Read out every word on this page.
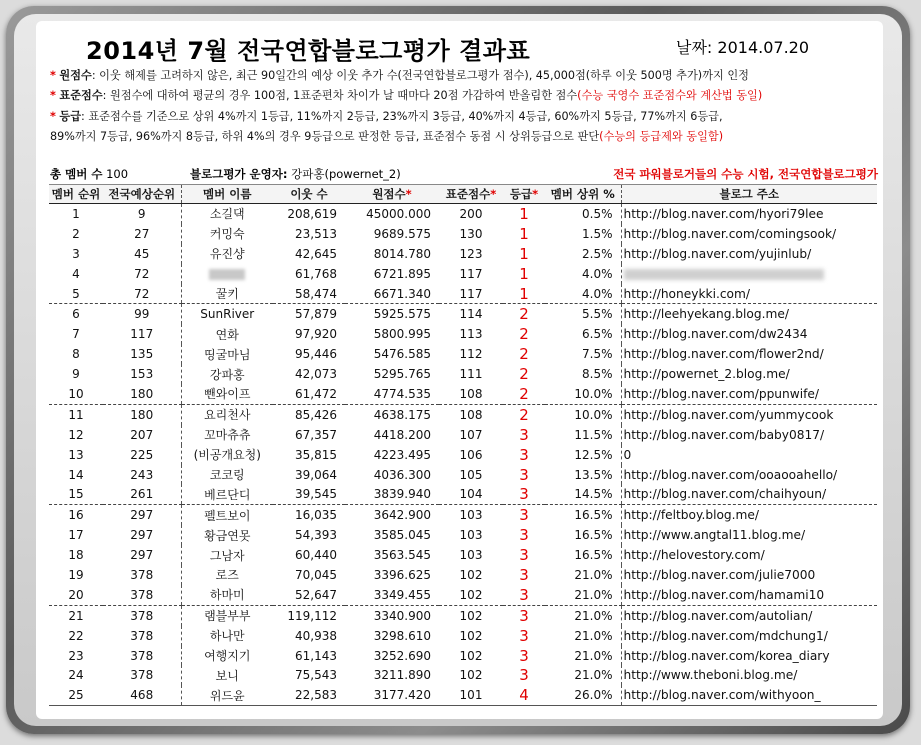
2014년 7월 전국연합블로그평가 결과표	날짜: 2014.07.20
* 원점수: 이웃 해제를 고려하지 않은, 최근 90일간의 예상 이웃 추가 수(전국연합블로그평가 점수), 45,000점(하루 이웃 500명 추가)까지 인정
* 표준점수: 원점수에 대하여 평균의 경우 100점, 1표준편차 차이가 날 때마다 20점 가감하여 반올림한 점수(수능 국영수 표준점수와 계산법 동일)
* 등급: 표준점수를 기준으로 상위 4%까지 1등급, 11%까지 2등급, 23%까지 3등급, 40%까지 4등급, 60%까지 5등급, 77%까지 6등급,
89%까지 7등급, 96%까지 8등급, 하위 4%의 경우 9등급으로 판정한 등급, 표준점수 동점 시 상위등급으로 판단(수능의 등급제와 동일함)
총 멤버 수 100	블로그평가 운영자: 강파홍(powernet_2)	전국 파워블로거들의 수능 시험, 전국연합블로그평가
멤버 순위	전국예상순위	멤버 이름	이웃 수	원점수*	표준점수*	등급*	멤버 상위 %	블로그 주소
1	9	소길댁	208,619	45000.000	200	1	0.5%	http://blog.naver.com/hyori79lee
2	27	커밍숙	23,513	9689.575	130	1	1.5%	http://blog.naver.com/comingsook/
3	45	유진샹	42,645	8014.780	123	1	2.5%	http://blog.naver.com/yujinlub/
4	72		61,768	6721.895	117	1	4.0%	
5	72	꿀키	58,474	6671.340	117	1	4.0%	http://honeykki.com/
6	99	SunRiver	57,879	5925.575	114	2	5.5%	http://leehyekang.blog.me/
7	117	연화	97,920	5800.995	113	2	6.5%	http://blog.naver.com/dw2434
8	135	띵굴마님	95,446	5476.585	112	2	7.5%	http://blog.naver.com/flower2nd/
9	153	강파홍	42,073	5295.765	111	2	8.5%	http://powernet_2.blog.me/
10	180	뺀와이프	61,472	4774.535	108	2	10.0%	http://blog.naver.com/ppunwife/
11	180	요리천사	85,426	4638.175	108	2	10.0%	http://blog.naver.com/yummycook
12	207	꼬마츄츄	67,357	4418.200	107	3	11.5%	http://blog.naver.com/baby0817/
13	225	(비공개요청)	35,815	4223.495	106	3	12.5%	0
14	243	코코링	39,064	4036.300	105	3	13.5%	http://blog.naver.com/ooaooahello/
15	261	베르단디	39,545	3839.940	104	3	14.5%	http://blog.naver.com/chaihyoun/
16	297	펠트보이	16,035	3642.900	103	3	16.5%	http://feltboy.blog.me/
17	297	황금연못	54,393	3585.045	103	3	16.5%	http://www.angtal11.blog.me/
18	297	그남자	60,440	3563.545	103	3	16.5%	http://helovestory.com/
19	378	로즈	70,045	3396.625	102	3	21.0%	http://blog.naver.com/julie7000
20	378	하마미	52,647	3349.455	102	3	21.0%	http://blog.naver.com/hamami10
21	378	램블부부	119,112	3340.900	102	3	21.0%	http://blog.naver.com/autolian/
22	378	하나만	40,938	3298.610	102	3	21.0%	http://blog.naver.com/mdchung1/
23	378	여행지기	61,143	3252.690	102	3	21.0%	http://blog.naver.com/korea_diary
24	378	보니	75,543	3211.890	102	3	21.0%	http://www.theboni.blog.me/
25	468	위드윤	22,583	3177.420	101	4	26.0%	http://blog.naver.com/withyoon_
